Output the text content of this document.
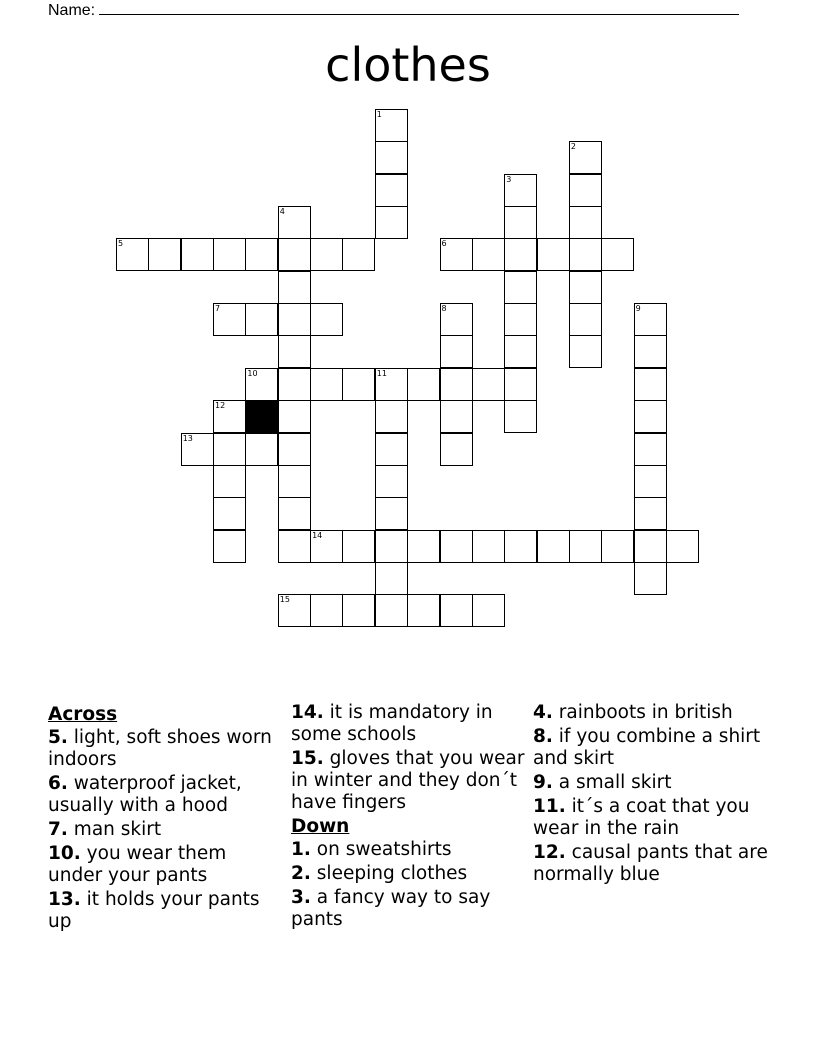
Name:
clothes
1
2
3
4
5	6
7	8	9
10	11
12
13
14
15
Across
5. light, soft shoes worn indoors
6. waterproof jacket, usually with a hood
7. man skirt
10. you wear them under your pants
13. it holds your pants up
14. it is mandatory in some schools
15. gloves that you wear in winter and they don´t have fingers
Down
1. on sweatshirts
2. sleeping clothes
3. a fancy way to say pants
4. rainboots in british
8. if you combine a shirt and skirt
9. a small skirt
11. it´s a coat that you wear in the rain
12. causal pants that are normally blue
